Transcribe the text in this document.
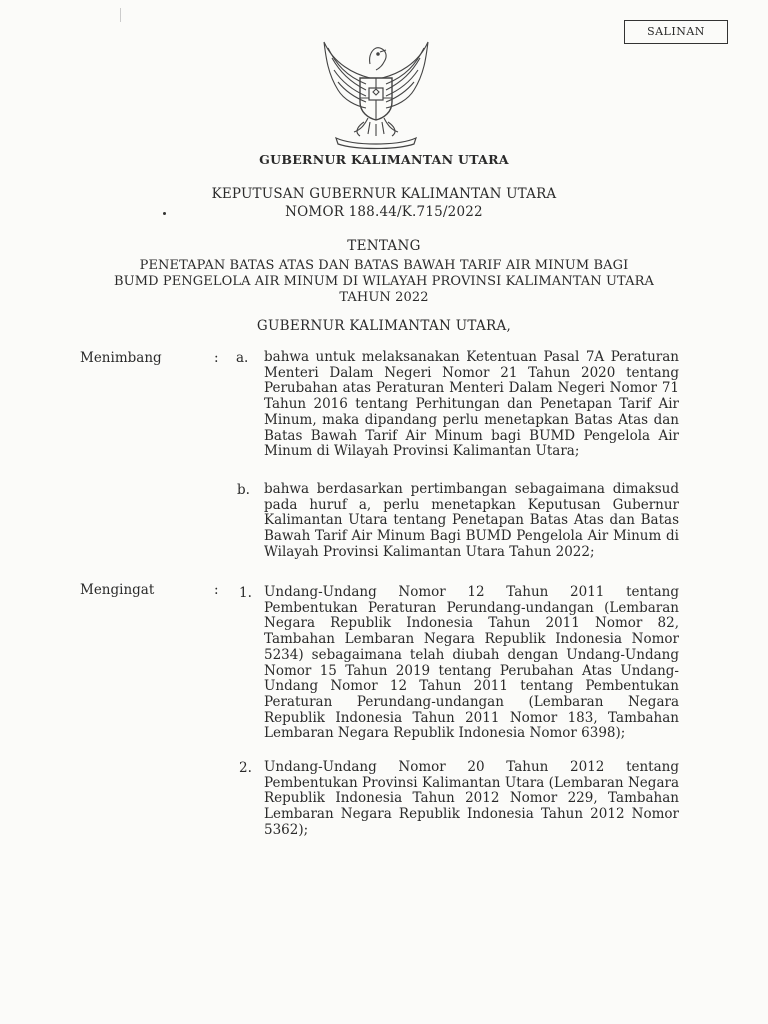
SALINAN
GUBERNUR KALIMANTAN UTARA
KEPUTUSAN GUBERNUR KALIMANTAN UTARA
NOMOR 188.44/K.715/2022
TENTANG
PENETAPAN BATAS ATAS DAN BATAS BAWAH TARIF AIR MINUM BAGI
BUMD PENGELOLA AIR MINUM DI WILAYAH PROVINSI KALIMANTAN UTARA
TAHUN 2022
GUBERNUR KALIMANTAN UTARA,
Menimbang	: a. bahwa untuk melaksanakan Ketentuan Pasal 7A Peraturan Menteri Dalam Negeri Nomor 21 Tahun 2020 tentang Perubahan atas Peraturan Menteri Dalam Negeri Nomor 71 Tahun 2016 tentang Perhitungan dan Penetapan Tarif Air Minum, maka dipandang perlu menetapkan Batas Atas dan Batas Bawah Tarif Air Minum bagi BUMD Pengelola Air Minum di Wilayah Provinsi Kalimantan Utara;
b. bahwa berdasarkan pertimbangan sebagaimana dimaksud pada huruf a, perlu menetapkan Keputusan Gubernur Kalimantan Utara tentang Penetapan Batas Atas dan Batas Bawah Tarif Air Minum Bagi BUMD Pengelola Air Minum di Wilayah Provinsi Kalimantan Utara Tahun 2022;
Mengingat	: 1. Undang-Undang Nomor 12 Tahun 2011 tentang Pembentukan Peraturan Perundang-undangan (Lembaran Negara Republik Indonesia Tahun 2011 Nomor 82, Tambahan Lembaran Negara Republik Indonesia Nomor 5234) sebagaimana telah diubah dengan Undang-Undang Nomor 15 Tahun 2019 tentang Perubahan Atas Undang-Undang Nomor 12 Tahun 2011 tentang Pembentukan Peraturan Perundang-undangan (Lembaran Negara Republik Indonesia Tahun 2011 Nomor 183, Tambahan Lembaran Negara Republik Indonesia Nomor 6398);
2. Undang-Undang Nomor 20 Tahun 2012 tentang Pembentukan Provinsi Kalimantan Utara (Lembaran Negara Republik Indonesia Tahun 2012 Nomor 229, Tambahan Lembaran Negara Republik Indonesia Tahun 2012 Nomor 5362);
